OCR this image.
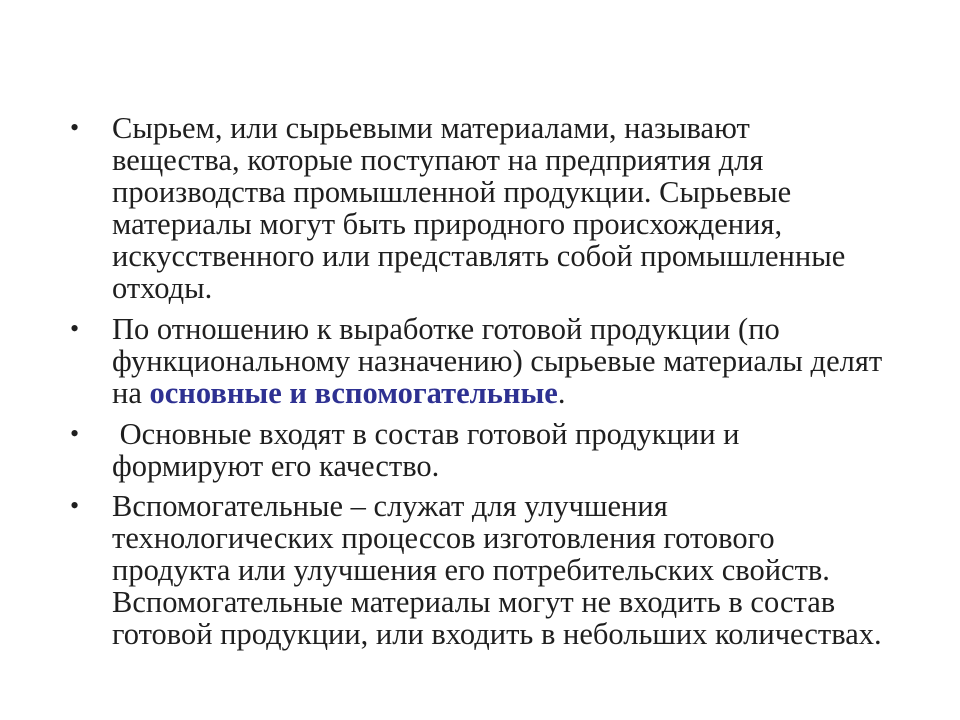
• Сырьем, или сырьевыми материалами, называют
вещества, которые поступают на предприятия для
производства промышленной продукции. Сырьевые
материалы могут быть природного происхождения,
искусственного или представлять собой промышленные
отходы.
• По отношению к выработке готовой продукции (по
функциональному назначению) сырьевые материалы делят
на основные и вспомогательные.
• Основные входят в состав готовой продукции и
формируют его качество.
• Вспомогательные – служат для улучшения
технологических процессов изготовления готового
продукта или улучшения его потребительских свойств.
Вспомогательные материалы могут не входить в состав
готовой продукции, или входить в небольших количествах.
